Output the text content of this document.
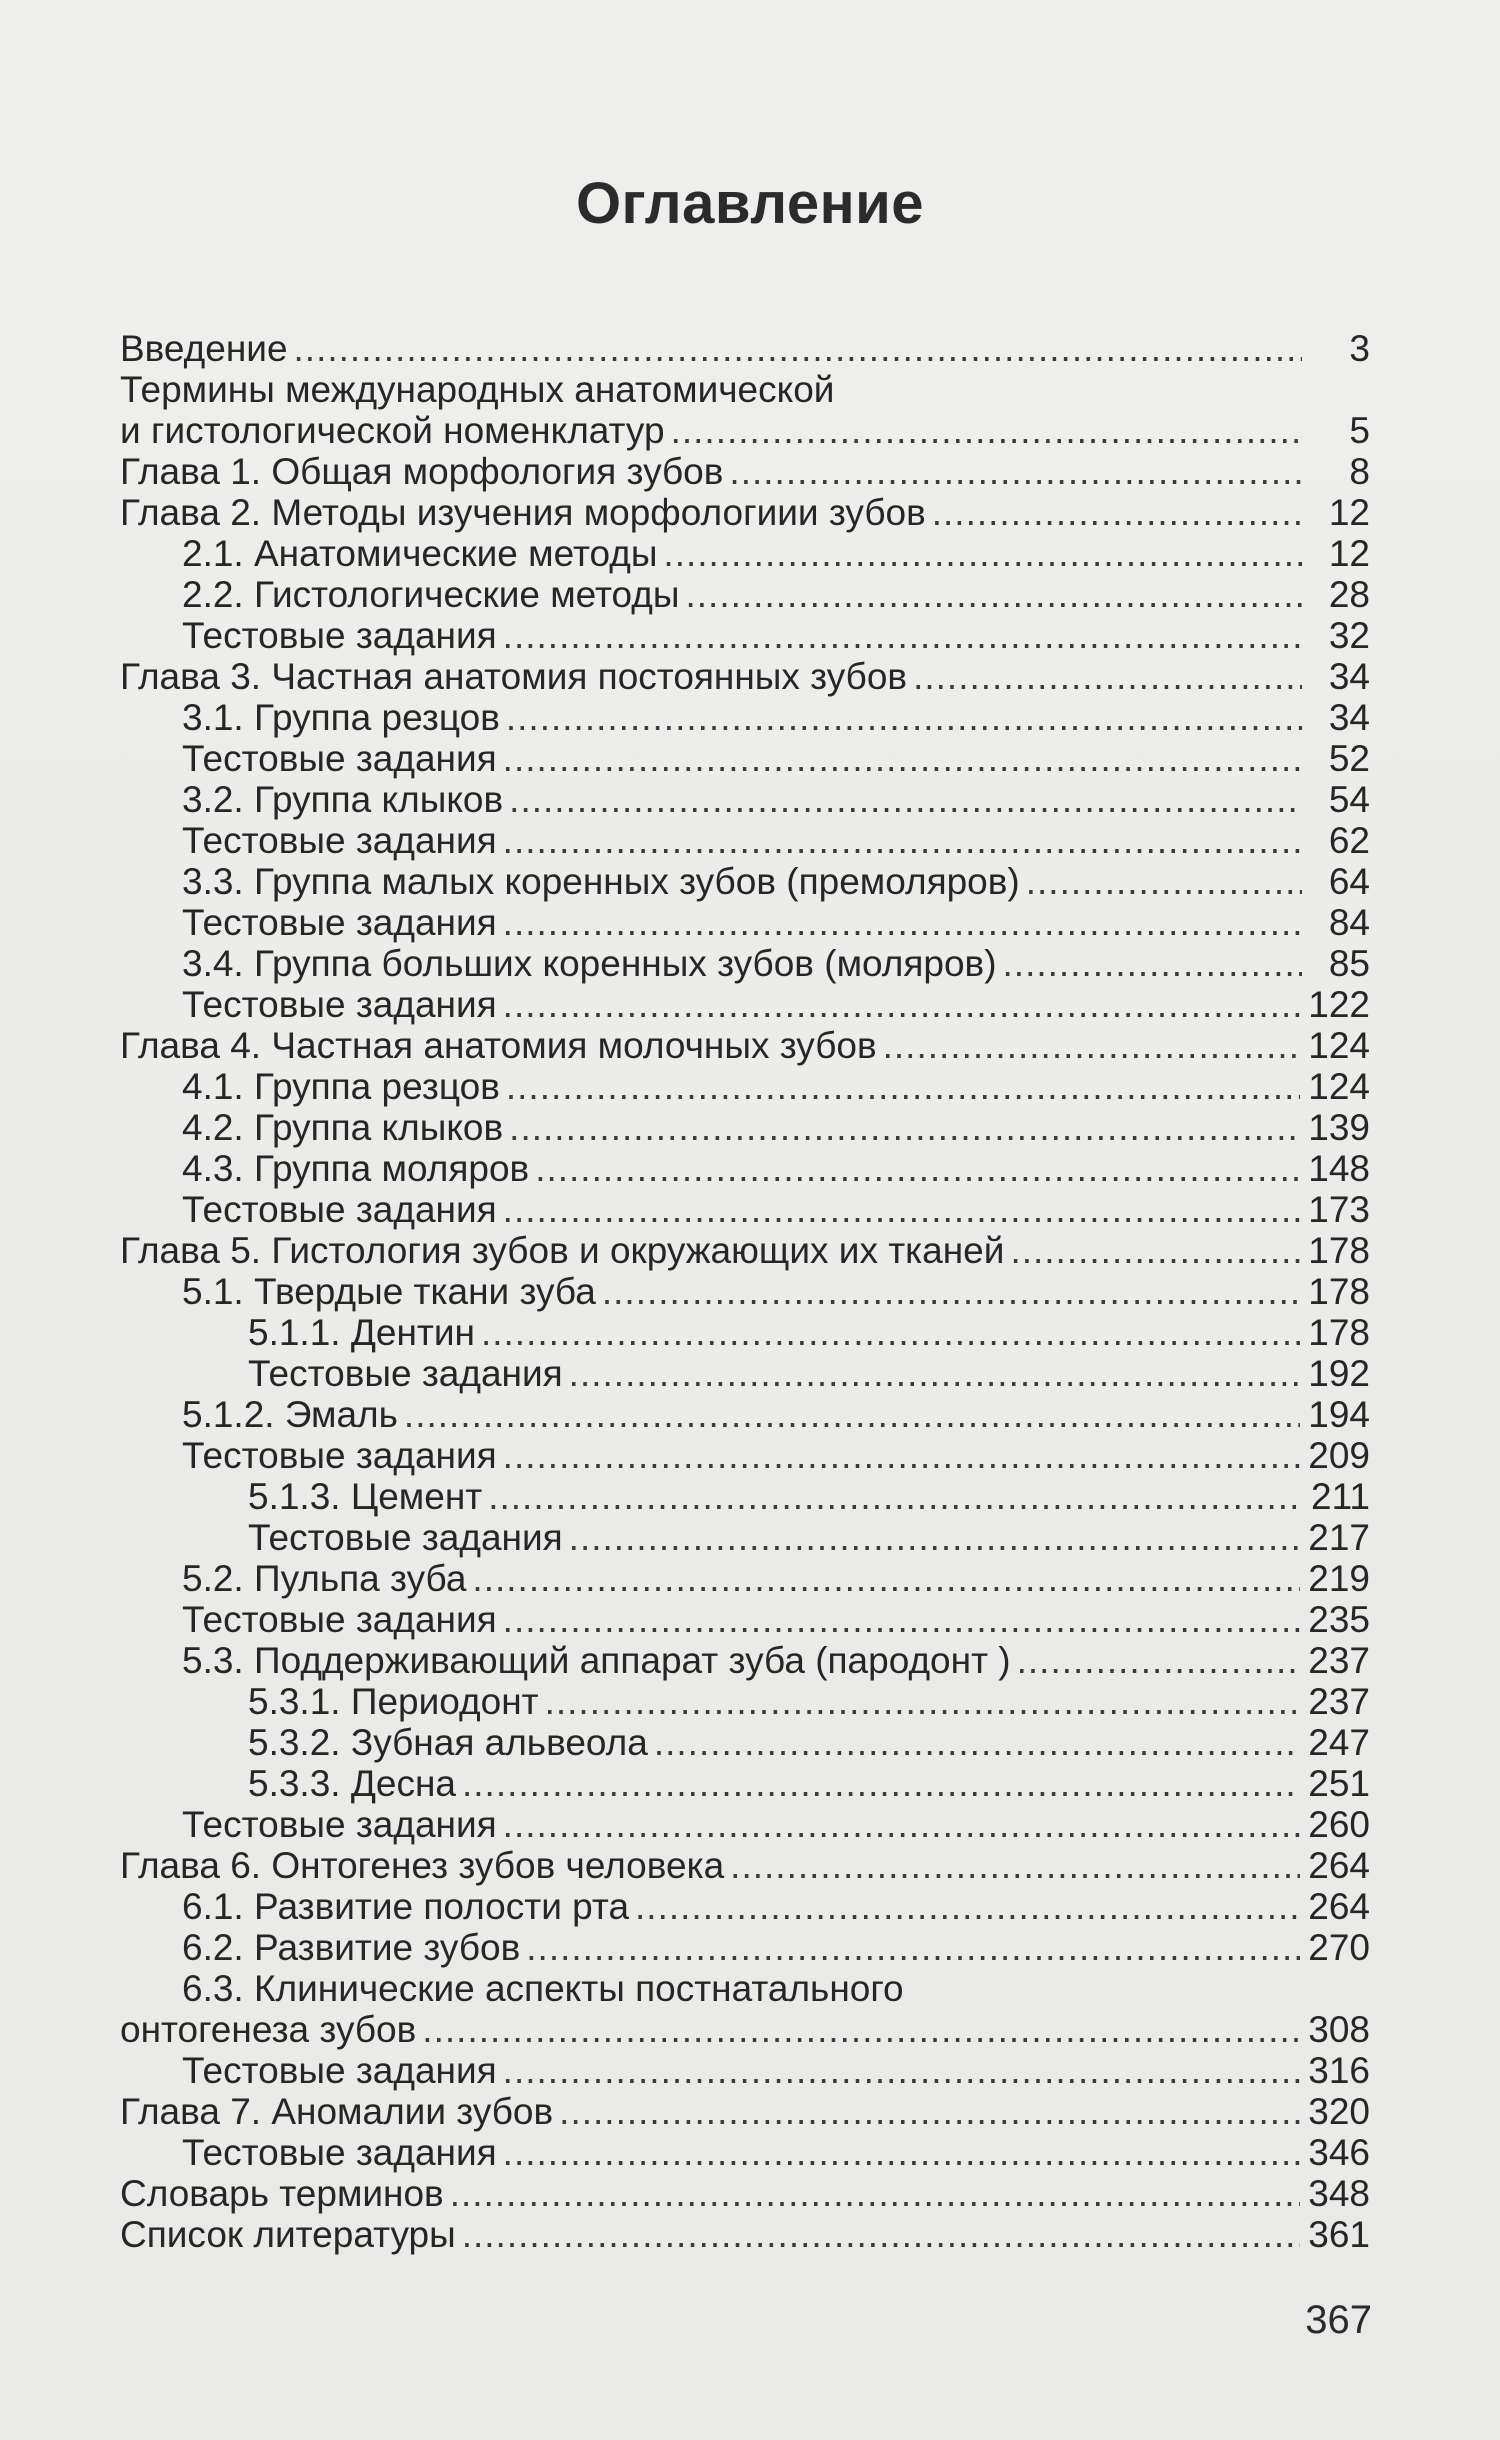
Оглавление
Введение .....	3
Термины международных анатомической
и гистологической номенклатур .....	5
Глава 1. Общая морфология зубов .....	8
Глава 2. Методы изучения морфологиии зубов .....	12
2.1. Анатомические методы .....	12
2.2. Гистологические методы .....	28
Тестовые задания .....	32
Глава 3. Частная анатомия постоянных зубов .....	34
3.1. Группа резцов .....	34
Тестовые задания .....	52
3.2. Группа клыков .....	54
Тестовые задания .....	62
3.3. Группа малых коренных зубов (премоляров) .....	64
Тестовые задания .....	84
3.4. Группа больших коренных зубов (моляров) .....	85
Тестовые задания .....	122
Глава 4. Частная анатомия молочных зубов .....	124
4.1. Группа резцов .....	124
4.2. Группа клыков .....	139
4.3. Группа моляров .....	148
Тестовые задания .....	173
Глава 5. Гистология зубов и окружающих их тканей .....	178
5.1. Твердые ткани зуба .....	178
5.1.1. Дентин .....	178
Тестовые задания .....	192
5.1.2. Эмаль .....	194
Тестовые задания .....	209
5.1.3. Цемент .....	211
Тестовые задания .....	217
5.2. Пульпа зуба .....	219
Тестовые задания .....	235
5.3. Поддерживающий аппарат зуба (пародонт ) .....	237
5.3.1. Периодонт .....	237
5.3.2. Зубная альвеола .....	247
5.3.3. Десна .....	251
Тестовые задания .....	260
Глава 6. Онтогенез зубов человека .....	264
6.1. Развитие полости рта .....	264
6.2. Развитие зубов .....	270
6.3. Клинические аспекты постнатального
онтогенеза зубов .....	308
Тестовые задания .....	316
Глава 7. Аномалии зубов .....	320
Тестовые задания .....	346
Словарь терминов .....	348
Список литературы .....	361
367
